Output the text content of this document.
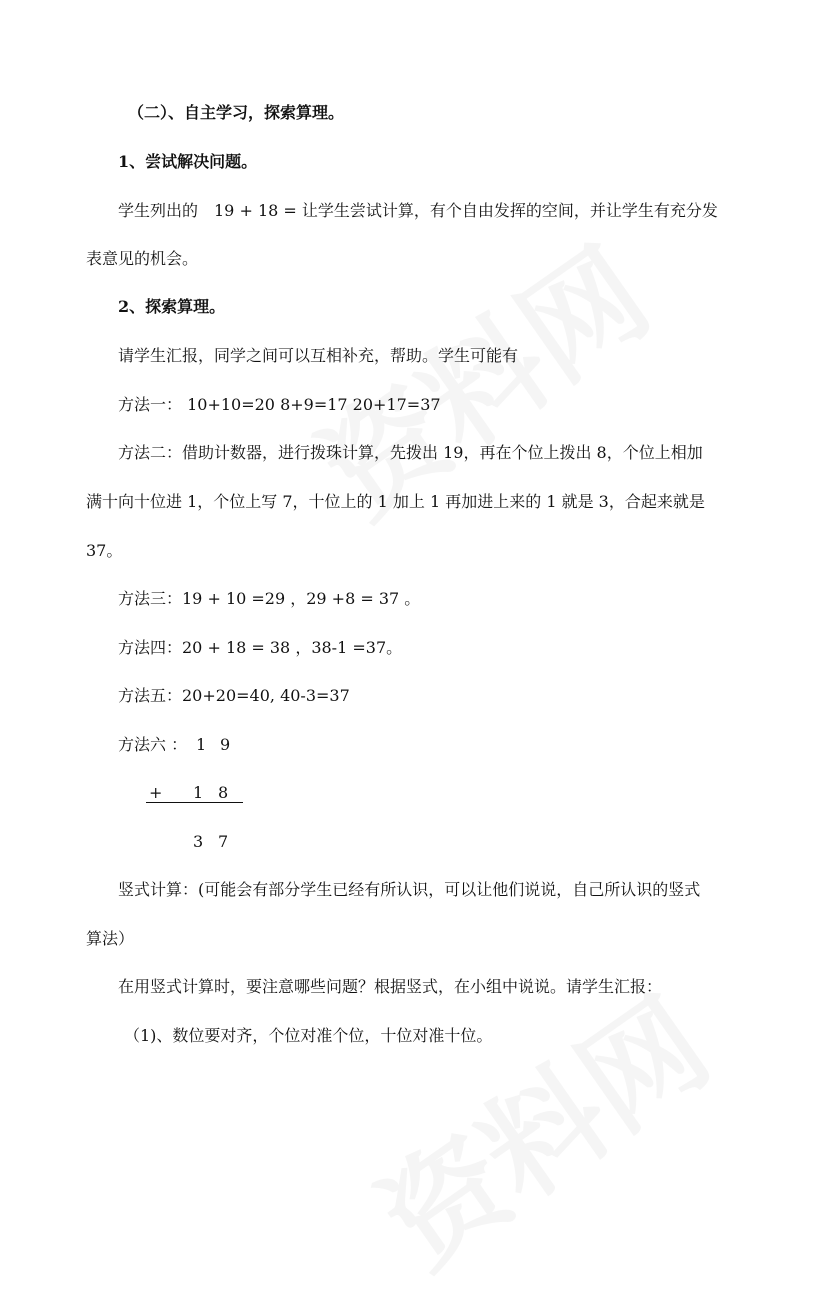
（二）、自主学习，探索算理。
1、尝试解决问题。
学生列出的　19 + 18 = 让学生尝试计算，有个自由发挥的空间，并让学生有充分发
表意见的机会。
2、探索算理。
请学生汇报，同学之间可以互相补充，帮助。学生可能有
方法一： 10+10=20 8+9=17 20+17=37
方法二：借助计数器，进行拨珠计算，先拨出 19，再在个位上拨出 8，个位上相加
满十向十位进 1，个位上写 7，十位上的 1 加上 1 再加进上来的 1 就是 3，合起来就是
37。
方法三：19 + 10 =29 ，29 +8 = 37 。
方法四：20 + 18 = 38 ，38-1 =37。
方法五：20+20=40, 40-3=37
方法六 ： 1 9
+ 1 8
3 7
竖式计算：(可能会有部分学生已经有所认识，可以让他们说说，自己所认识的竖式
算法）
在用竖式计算时，要注意哪些问题？根据竖式，在小组中说说。请学生汇报：
（1)、数位要对齐，个位对准个位，十位对准十位。
